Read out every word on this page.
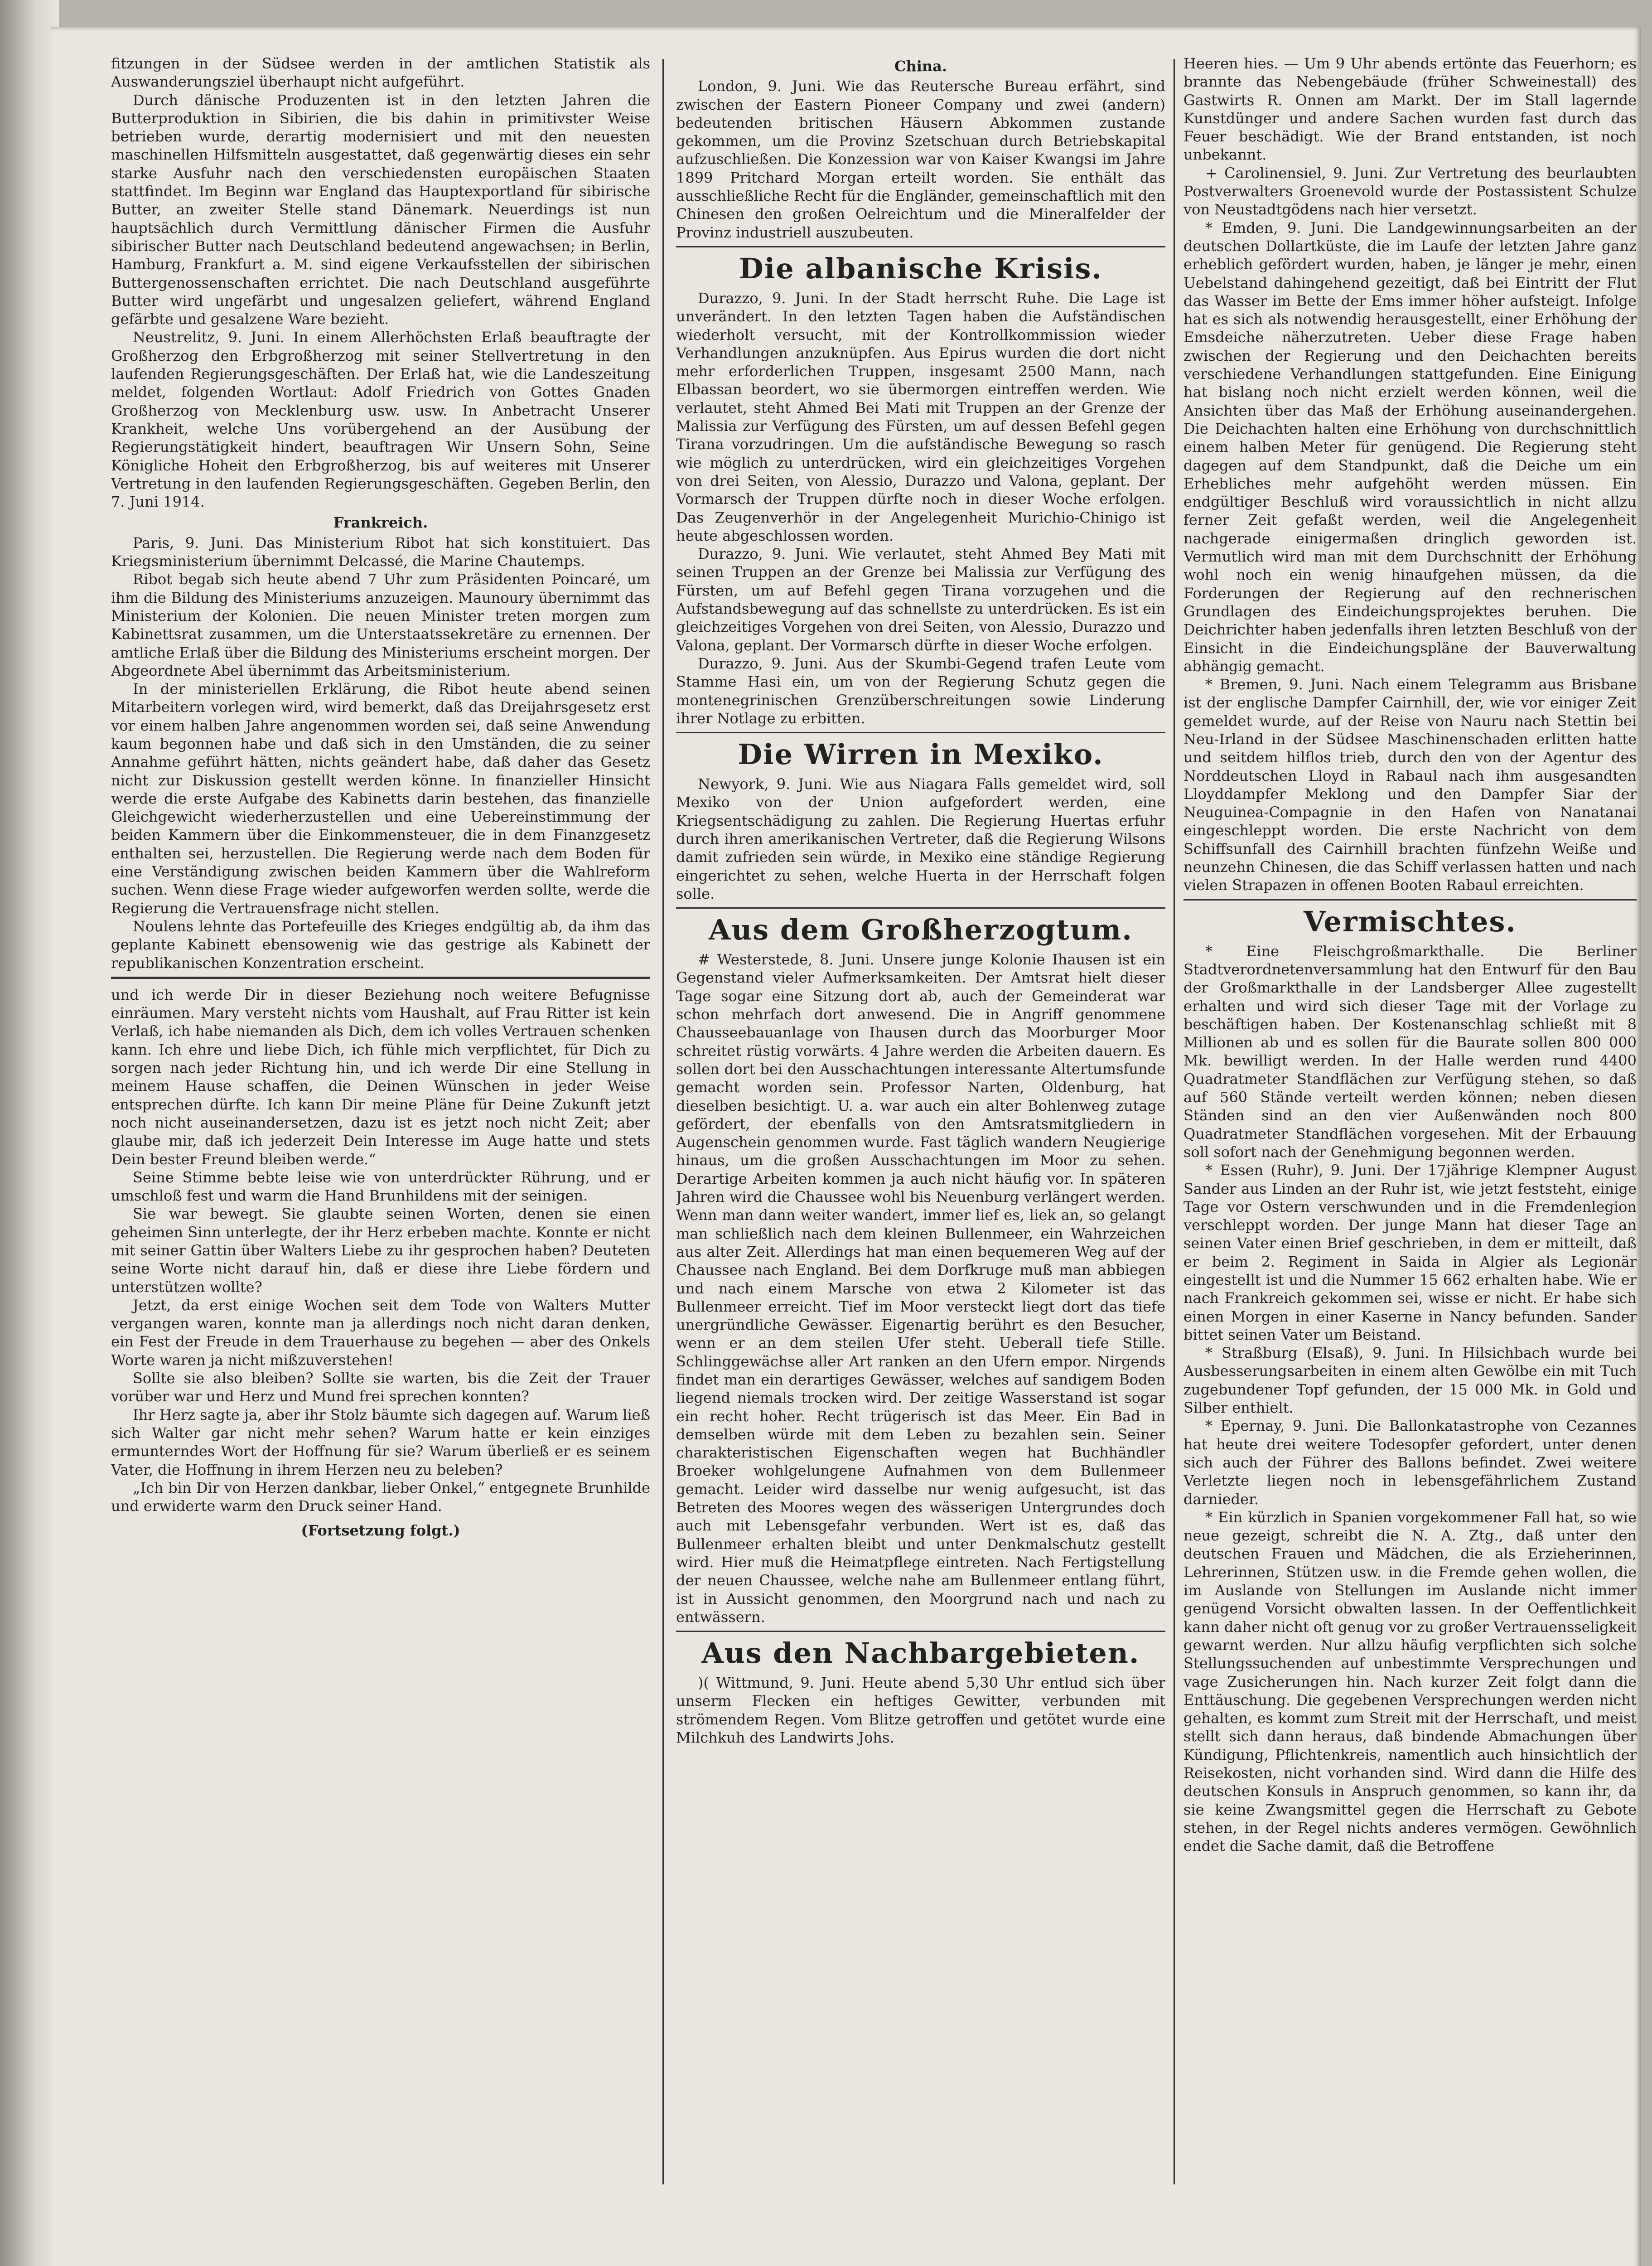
fitzungen in der Südsee werden in der amtlichen Statistik als Auswanderungsziel überhaupt nicht aufgeführt.

Durch dänische Produzenten ist in den letzten Jahren die Butterproduktion in Sibirien, die bis dahin in primitivster Weise betrieben wurde, derartig modernisiert und mit den neuesten maschinellen Hilfsmitteln ausgestattet, daß gegenwärtig dieses ein sehr starke Ausfuhr nach den verschiedensten europäischen Staaten stattfindet. Im Beginn war England das Hauptexportland für sibirische Butter, an zweiter Stelle stand Dänemark. Neuerdings ist nun hauptsächlich durch Vermittlung dänischer Firmen die Ausfuhr sibirischer Butter nach Deutschland bedeutend angewachsen; in Berlin, Hamburg, Frankfurt a. M. sind eigene Verkaufsstellen der sibirischen Buttergenossenschaften errichtet. Die nach Deutschland ausgeführte Butter wird ungefärbt und ungesalzen geliefert, während England gefärbte und gesalzene Ware bezieht.

Neustrelitz, 9. Juni. In einem Allerhöchsten Erlaß beauftragte der Großherzog den Erbgroßherzog mit seiner Stellvertretung in den laufenden Regierungsgeschäften. Der Erlaß hat, wie die Landeszeitung meldet, folgenden Wortlaut: Adolf Friedrich von Gottes Gnaden Großherzog von Mecklenburg usw. usw. In Anbetracht Unserer Krankheit, welche Uns vorübergehend an der Ausübung der Regierungstätigkeit hindert, beauftragen Wir Unsern Sohn, Seine Königliche Hoheit den Erbgroßherzog, bis auf weiteres mit Unserer Vertretung in den laufenden Regierungsgeschäften. Gegeben Berlin, den 7. Juni 1914.

Frankreich.

Paris, 9. Juni. Das Ministerium Ribot hat sich konstituiert. Das Kriegsministerium übernimmt Delcassé, die Marine Chautemps.

Ribot begab sich heute abend 7 Uhr zum Präsidenten Poincaré, um ihm die Bildung des Ministeriums anzuzeigen. Maunoury übernimmt das Ministerium der Kolonien. Die neuen Minister treten morgen zum Kabinettsrat zusammen, um die Unterstaatssekretäre zu ernennen. Der amtliche Erlaß über die Bildung des Ministeriums erscheint morgen. Der Abgeordnete Abel übernimmt das Arbeitsministerium.

In der ministeriellen Erklärung, die Ribot heute abend seinen Mitarbeitern vorlegen wird, wird bemerkt, daß das Dreijahrsgesetz erst vor einem halben Jahre angenommen worden sei, daß seine Anwendung kaum begonnen habe und daß sich in den Umständen, die zu seiner Annahme geführt hätten, nichts geändert habe, daß daher das Gesetz nicht zur Diskussion gestellt werden könne. In finanzieller Hinsicht werde die erste Aufgabe des Kabinetts darin bestehen, das finanzielle Gleichgewicht wiederherzustellen und eine Uebereinstimmung der beiden Kammern über die Einkommensteuer, die in dem Finanzgesetz enthalten sei, herzustellen. Die Regierung werde nach dem Boden für eine Verständigung zwischen beiden Kammern über die Wahlreform suchen. Wenn diese Frage wieder aufgeworfen werden sollte, werde die Regierung die Vertrauensfrage nicht stellen.

Noulens lehnte das Portefeuille des Krieges endgültig ab, da ihm das geplante Kabinett ebensowenig wie das gestrige als Kabinett der republikanischen Konzentration erscheint.

und ich werde Dir in dieser Beziehung noch weitere Befugnisse einräumen. Mary versteht nichts vom Haushalt, auf Frau Ritter ist kein Verlaß, ich habe niemanden als Dich, dem ich volles Vertrauen schenken kann. Ich ehre und liebe Dich, ich fühle mich verpflichtet, für Dich zu sorgen nach jeder Richtung hin, und ich werde Dir eine Stellung in meinem Hause schaffen, die Deinen Wünschen in jeder Weise entsprechen dürfte. Ich kann Dir meine Pläne für Deine Zukunft jetzt noch nicht auseinandersetzen, dazu ist es jetzt noch nicht Zeit; aber glaube mir, daß ich jederzeit Dein Interesse im Auge hatte und stets Dein bester Freund bleiben werde.“

Seine Stimme bebte leise wie von unterdrückter Rührung, und er umschloß fest und warm die Hand Brunhildens mit der seinigen.

Sie war bewegt. Sie glaubte seinen Worten, denen sie einen geheimen Sinn unterlegte, der ihr Herz erbeben machte. Konnte er nicht mit seiner Gattin über Walters Liebe zu ihr gesprochen haben? Deuteten seine Worte nicht darauf hin, daß er diese ihre Liebe fördern und unterstützen wollte?

Jetzt, da erst einige Wochen seit dem Tode von Walters Mutter vergangen waren, konnte man ja allerdings noch nicht daran denken, ein Fest der Freude in dem Trauerhause zu begehen — aber des Onkels Worte waren ja nicht mißzuverstehen!

Sollte sie also bleiben? Sollte sie warten, bis die Zeit der Trauer vorüber war und Herz und Mund frei sprechen konnten?

Ihr Herz sagte ja, aber ihr Stolz bäumte sich dagegen auf. Warum ließ sich Walter gar nicht mehr sehen? Warum hatte er kein einziges ermunterndes Wort der Hoffnung für sie? Warum überließ er es seinem Vater, die Hoffnung in ihrem Herzen neu zu beleben?

„Ich bin Dir von Herzen dankbar, lieber Onkel,“ entgegnete Brunhilde und erwiderte warm den Druck seiner Hand.

(Fortsetzung folgt.)
China.

London, 9. Juni. Wie das Reutersche Bureau erfährt, sind zwischen der Eastern Pioneer Company und zwei (andern) bedeutenden britischen Häusern Abkommen zustande gekommen, um die Provinz Szetschuan durch Betriebskapital aufzuschließen. Die Konzession war von Kaiser Kwangsi im Jahre 1899 Pritchard Morgan erteilt worden. Sie enthält das ausschließliche Recht für die Engländer, gemeinschaftlich mit den Chinesen den großen Oelreichtum und die Mineralfelder der Provinz industriell auszubeuten.

Die albanische Krisis.

Durazzo, 9. Juni. In der Stadt herrscht Ruhe. Die Lage ist unverändert. In den letzten Tagen haben die Aufständischen wiederholt versucht, mit der Kontrollkommission wieder Verhandlungen anzuknüpfen. Aus Epirus wurden die dort nicht mehr erforderlichen Truppen, insgesamt 2500 Mann, nach Elbassan beordert, wo sie übermorgen eintreffen werden. Wie verlautet, steht Ahmed Bei Mati mit Truppen an der Grenze der Malissia zur Verfügung des Fürsten, um auf dessen Befehl gegen Tirana vorzudringen. Um die aufständische Bewegung so rasch wie möglich zu unterdrücken, wird ein gleichzeitiges Vorgehen von drei Seiten, von Alessio, Durazzo und Valona, geplant. Der Vormarsch der Truppen dürfte noch in dieser Woche erfolgen. Das Zeugenverhör in der Angelegenheit Murichio-Chinigo ist heute abgeschlossen worden.

Durazzo, 9. Juni. Wie verlautet, steht Ahmed Bey Mati mit seinen Truppen an der Grenze bei Malissia zur Verfügung des Fürsten, um auf Befehl gegen Tirana vorzugehen und die Aufstandsbewegung auf das schnellste zu unterdrücken. Es ist ein gleichzeitiges Vorgehen von drei Seiten, von Alessio, Durazzo und Valona, geplant. Der Vormarsch dürfte in dieser Woche erfolgen.

Durazzo, 9. Juni. Aus der Skumbi-Gegend trafen Leute vom Stamme Hasi ein, um von der Regierung Schutz gegen die montenegrinischen Grenzüberschreitungen sowie Linderung ihrer Notlage zu erbitten.

Die Wirren in Mexiko.

Newyork, 9. Juni. Wie aus Niagara Falls gemeldet wird, soll Mexiko von der Union aufgefordert werden, eine Kriegsentschädigung zu zahlen. Die Regierung Huertas erfuhr durch ihren amerikanischen Vertreter, daß die Regierung Wilsons damit zufrieden sein würde, in Mexiko eine ständige Regierung eingerichtet zu sehen, welche Huerta in der Herrschaft folgen solle.

Aus dem Großherzogtum.

# Westerstede, 8. Juni. Unsere junge Kolonie Ihausen ist ein Gegenstand vieler Aufmerksamkeiten. Der Amtsrat hielt dieser Tage sogar eine Sitzung dort ab, auch der Gemeinderat war schon mehrfach dort anwesend. Die in Angriff genommene Chausseebauanlage von Ihausen durch das Moorburger Moor schreitet rüstig vorwärts. 4 Jahre werden die Arbeiten dauern. Es sollen dort bei den Ausschachtungen interessante Altertumsfunde gemacht worden sein. Professor Narten, Oldenburg, hat dieselben besichtigt. U. a. war auch ein alter Bohlenweg zutage gefördert, der ebenfalls von den Amtsratsmitgliedern in Augenschein genommen wurde. Fast täglich wandern Neugierige hinaus, um die großen Ausschachtungen im Moor zu sehen. Derartige Arbeiten kommen ja auch nicht häufig vor. In späteren Jahren wird die Chaussee wohl bis Neuenburg verlängert werden. Wenn man dann weiter wandert, immer lief es, liek an, so gelangt man schließlich nach dem kleinen Bullenmeer, ein Wahrzeichen aus alter Zeit. Allerdings hat man einen bequemeren Weg auf der Chaussee nach England. Bei dem Dorfkruge muß man abbiegen und nach einem Marsche von etwa 2 Kilometer ist das Bullenmeer erreicht. Tief im Moor versteckt liegt dort das tiefe unergründliche Gewässer. Eigenartig berührt es den Besucher, wenn er an dem steilen Ufer steht. Ueberall tiefe Stille. Schlinggewächse aller Art ranken an den Ufern empor. Nirgends findet man ein derartiges Gewässer, welches auf sandigem Boden liegend niemals trocken wird. Der zeitige Wasserstand ist sogar ein recht hoher. Recht trügerisch ist das Meer. Ein Bad in demselben würde mit dem Leben zu bezahlen sein. Seiner charakteristischen Eigenschaften wegen hat Buchhändler Broeker wohlgelungene Aufnahmen von dem Bullenmeer gemacht. Leider wird dasselbe nur wenig aufgesucht, ist das Betreten des Moores wegen des wässerigen Untergrundes doch auch mit Lebensgefahr verbunden. Wert ist es, daß das Bullenmeer erhalten bleibt und unter Denkmalschutz gestellt wird. Hier muß die Heimatpflege eintreten. Nach Fertigstellung der neuen Chaussee, welche nahe am Bullenmeer entlang führt, ist in Aussicht genommen, den Moorgrund nach und nach zu entwässern.

Aus den Nachbargebieten.

)( Wittmund, 9. Juni. Heute abend 5,30 Uhr entlud sich über unserm Flecken ein heftiges Gewitter, verbunden mit strömendem Regen. Vom Blitze getroffen und getötet wurde eine Milchkuh des Landwirts Johs.

Heeren hies. — Um 9 Uhr abends ertönte das Feuerhorn; es brannte das Nebengebäude (früher Schweinestall) des Gastwirts R. Onnen am Markt. Der im Stall lagernde Kunstdünger und andere Sachen wurden fast durch das Feuer beschädigt. Wie der Brand entstanden, ist noch unbekannt.

+ Carolinensiel, 9. Juni. Zur Vertretung des beurlaubten Postverwalters Groenevold wurde der Postassistent Schulze von Neustadtgödens nach hier versetzt.

* Emden, 9. Juni. Die Landgewinnungsarbeiten an der deutschen Dollartküste, die im Laufe der letzten Jahre ganz erheblich gefördert wurden, haben, je länger je mehr, einen Uebelstand dahingehend gezeitigt, daß bei Eintritt der Flut das Wasser im Bette der Ems immer höher aufsteigt. Infolge hat es sich als notwendig herausgestellt, einer Erhöhung der Emsdeiche näherzutreten. Ueber diese Frage haben zwischen der Regierung und den Deichachten bereits verschiedene Verhandlungen stattgefunden. Eine Einigung hat bislang noch nicht erzielt werden können, weil die Ansichten über das Maß der Erhöhung auseinandergehen. Die Deichachten halten eine Erhöhung von durchschnittlich einem halben Meter für genügend. Die Regierung steht dagegen auf dem Standpunkt, daß die Deiche um ein Erhebliches mehr aufgehöht werden müssen. Ein endgültiger Beschluß wird voraussichtlich in nicht allzu ferner Zeit gefaßt werden, weil die Angelegenheit nachgerade einigermaßen dringlich geworden ist. Vermutlich wird man mit dem Durchschnitt der Erhöhung wohl noch ein wenig hinaufgehen müssen, da die Forderungen der Regierung auf den rechnerischen Grundlagen des Eindeichungsprojektes beruhen. Die Deichrichter haben jedenfalls ihren letzten Beschluß von der Einsicht in die Eindeichungspläne der Bauverwaltung abhängig gemacht.

* Bremen, 9. Juni. Nach einem Telegramm aus Brisbane ist der englische Dampfer Cairnhill, der, wie vor einiger Zeit gemeldet wurde, auf der Reise von Nauru nach Stettin bei Neu-Irland in der Südsee Maschinenschaden erlitten hatte und seitdem hilflos trieb, durch den von der Agentur des Norddeutschen Lloyd in Rabaul nach ihm ausgesandten Lloyddampfer Meklong und den Dampfer Siar der Neuguinea-Compagnie in den Hafen von Nanatanai eingeschleppt worden. Die erste Nachricht von dem Schiffsunfall des Cairnhill brachten fünfzehn Weiße und neunzehn Chinesen, die das Schiff verlassen hatten und nach vielen Strapazen in offenen Booten Rabaul erreichten.

Vermischtes.

* Eine Fleischgroßmarkthalle. Die Berliner Stadtverordnetenversammlung hat den Entwurf für den Bau der Großmarkthalle in der Landsberger Allee zugestellt erhalten und wird sich dieser Tage mit der Vorlage zu beschäftigen haben. Der Kostenanschlag schließt mit 8 Millionen ab und es sollen für die Baurate sollen 800 000 Mk. bewilligt werden. In der Halle werden rund 4400 Quadratmeter Standflächen zur Verfügung stehen, so daß auf 560 Stände verteilt werden können; neben diesen Ständen sind an den vier Außenwänden noch 800 Quadratmeter Standflächen vorgesehen. Mit der Erbauung soll sofort nach der Genehmigung begonnen werden.

* Essen (Ruhr), 9. Juni. Der 17jährige Klempner August Sander aus Linden an der Ruhr ist, wie jetzt feststeht, einige Tage vor Ostern verschwunden und in die Fremdenlegion verschleppt worden. Der junge Mann hat dieser Tage an seinen Vater einen Brief geschrieben, in dem er mitteilt, daß er beim 2. Regiment in Saida in Algier als Legionär eingestellt ist und die Nummer 15 662 erhalten habe. Wie er nach Frankreich gekommen sei, wisse er nicht. Er habe sich einen Morgen in einer Kaserne in Nancy befunden. Sander bittet seinen Vater um Beistand.

* Straßburg (Elsaß), 9. Juni. In Hilsichbach wurde bei Ausbesserungsarbeiten in einem alten Gewölbe ein mit Tuch zugebundener Topf gefunden, der 15 000 Mk. in Gold und Silber enthielt.

* Epernay, 9. Juni. Die Ballonkatastrophe von Cezannes hat heute drei weitere Todesopfer gefordert, unter denen sich auch der Führer des Ballons befindet. Zwei weitere Verletzte liegen noch in lebensgefährlichem Zustand darnieder.

* Ein kürzlich in Spanien vorgekommener Fall hat, so wie neue gezeigt, schreibt die N. A. Ztg., daß unter den deutschen Frauen und Mädchen, die als Erzieherinnen, Lehrerinnen, Stützen usw. in die Fremde gehen wollen, die im Auslande von Stellungen im Auslande nicht immer genügend Vorsicht obwalten lassen. In der Oeffentlichkeit kann daher nicht oft genug vor zu großer Vertrauensseligkeit gewarnt werden. Nur allzu häufig verpflichten sich solche Stellungssuchenden auf unbestimmte Versprechungen und vage Zusicherungen hin. Nach kurzer Zeit folgt dann die Enttäuschung. Die gegebenen Versprechungen werden nicht gehalten, es kommt zum Streit mit der Herrschaft, und meist stellt sich dann heraus, daß bindende Abmachungen über Kündigung, Pflichtenkreis, namentlich auch hinsichtlich der Reisekosten, nicht vorhanden sind. Wird dann die Hilfe des deutschen Konsuls in Anspruch genommen, so kann ihr, da sie keine Zwangsmittel gegen die Herrschaft zu Gebote stehen, in der Regel nichts anderes vermögen. Gewöhnlich endet die Sache damit, daß die Betroffene
